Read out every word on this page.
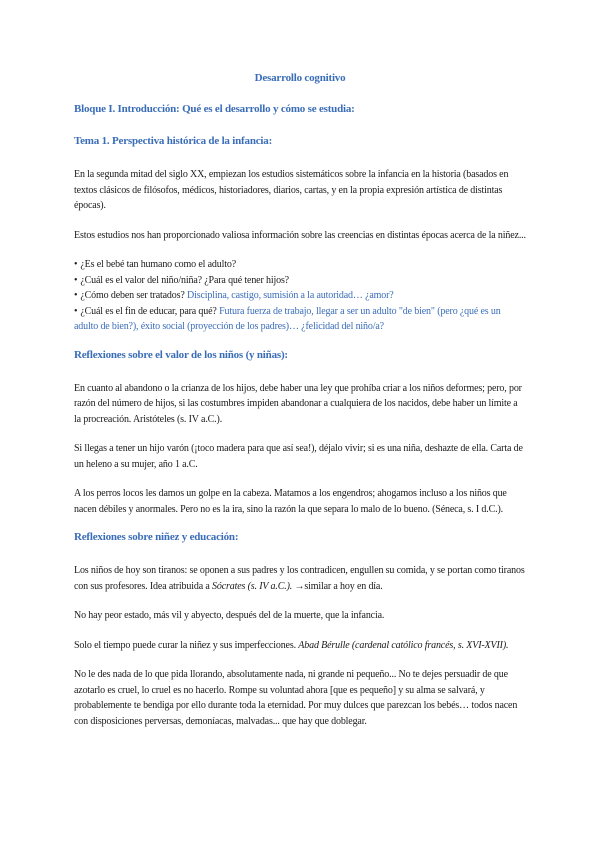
Desarrollo cognitivo
Bloque I. Introducción: Qué es el desarrollo y cómo se estudia:
Tema 1. Perspectiva histórica de la infancia:

En la segunda mitad del siglo XX, empiezan los estudios sistemáticos sobre la infancia en la historia (basados en textos clásicos de filósofos, médicos, historiadores, diarios, cartas, y en la propia expresión artística de distintas épocas).

Estos estudios nos han proporcionado valiosa información sobre las creencias en distintas épocas acerca de la niñez...

• ¿Es el bebé tan humano como el adulto?
• ¿Cuál es el valor del niño/niña? ¿Para qué tener hijos?
• ¿Cómo deben ser tratados? Disciplina, castigo, sumisión a la autoridad… ¿amor?
• ¿Cuál es el fin de educar, para qué? Futura fuerza de trabajo, llegar a ser un adulto "de bien" (pero ¿qué es un adulto de bien?), éxito social (proyección de los padres)… ¿felicidad del niño/a?
Reflexiones sobre el valor de los niños (y niñas):

En cuanto al abandono o la crianza de los hijos, debe haber una ley que prohíba criar a los niños deformes; pero, por razón del número de hijos, si las costumbres impiden abandonar a cualquiera de los nacidos, debe haber un límite a la procreación. Aristóteles (s. IV a.C.).

Si llegas a tener un hijo varón (¡toco madera para que así sea!), déjalo vivir; si es una niña, deshazte de ella. Carta de un heleno a su mujer, año 1 a.C.

A los perros locos les damos un golpe en la cabeza. Matamos a los engendros; ahogamos incluso a los niños que nacen débiles y anormales. Pero no es la ira, sino la razón la que separa lo malo de lo bueno. (Séneca, s. I d.C.).

Reflexiones sobre niñez y educación:

Los niños de hoy son tiranos: se oponen a sus padres y los contradicen, engullen su comida, y se portan como tiranos con sus profesores. Idea atribuida a Sócrates (s. IV a.C.). →similar a hoy en día.

No hay peor estado, más vil y abyecto, después del de la muerte, que la infancia.

Solo el tiempo puede curar la niñez y sus imperfecciones. Abad Bérulle (cardenal católico francés, s. XVI-XVII).

No le des nada de lo que pida llorando, absolutamente nada, ni grande ni pequeño... No te dejes persuadir de que azotarlo es cruel, lo cruel es no hacerlo. Rompe su voluntad ahora [que es pequeño] y su alma se salvará, y probablemente te bendiga por ello durante toda la eternidad. Por muy dulces que parezcan los bebés… todos nacen con disposiciones perversas, demoníacas, malvadas... que hay que doblegar.
